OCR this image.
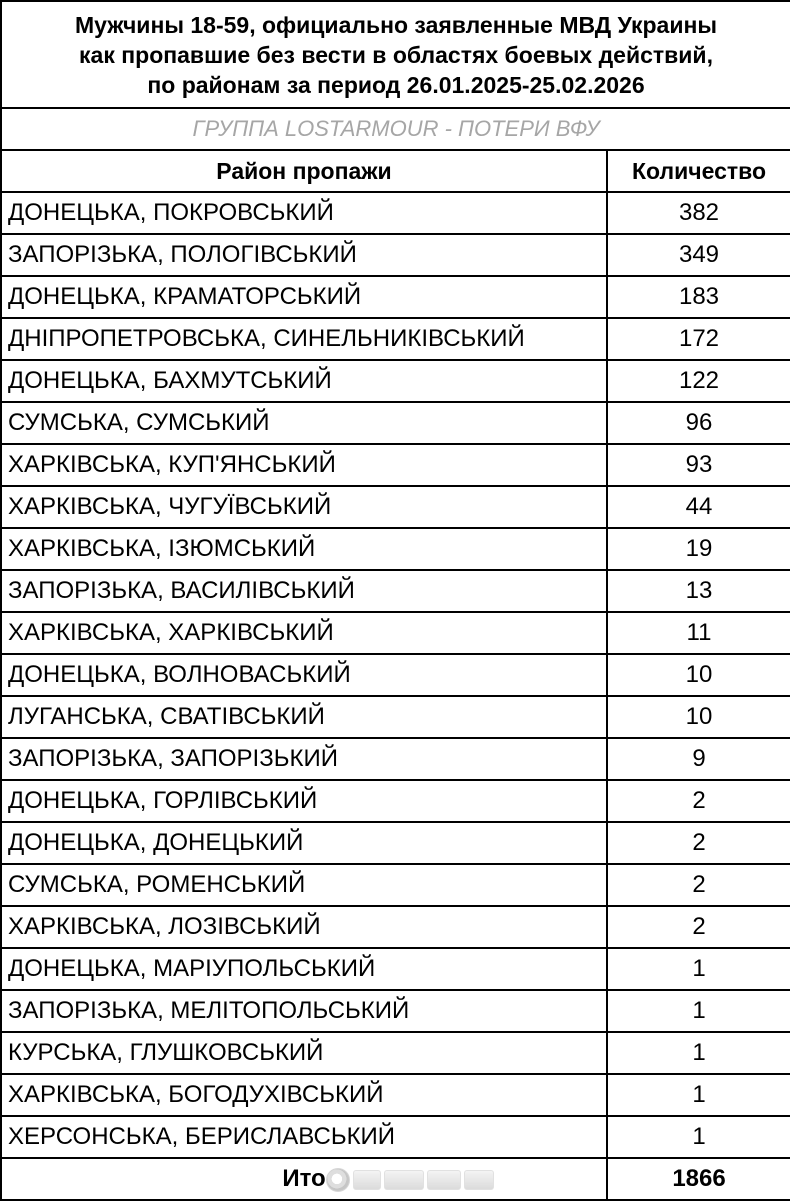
Мужчины 18-59, официально заявленные МВД Украины
как пропавшие без вести в областях боевых действий,
по районам за период 26.01.2025-25.02.2026	

ГРУППА LOSTARMOUR - ПОТЕРИ ВФУ	
Район пропажи	Количество
ДОНЕЦЬКА, ПОКРОВСЬКИЙ	382
ЗАПОРІЗЬКА, ПОЛОГІВСЬКИЙ	349
ДОНЕЦЬКА, КРАМАТОРСЬКИЙ	183
ДНІПРОПЕТРОВСЬКА, СИНЕЛЬНИКІВСЬКИЙ	172
ДОНЕЦЬКА, БАХМУТСЬКИЙ	122
СУМСЬКА, СУМСЬКИЙ	96
ХАРКІВСЬКА, КУП'ЯНСЬКИЙ	93
ХАРКІВСЬКА, ЧУГУЇВСЬКИЙ	44
ХАРКІВСЬКА, ІЗЮМСЬКИЙ	19
ЗАПОРІЗЬКА, ВАСИЛІВСЬКИЙ	13
ХАРКІВСЬКА, ХАРКІВСЬКИЙ	11
ДОНЕЦЬКА, ВОЛНОВАСЬКИЙ	10
ЛУГАНСЬКА, СВАТІВСЬКИЙ	10
ЗАПОРІЗЬКА, ЗАПОРІЗЬКИЙ	9
ДОНЕЦЬКА, ГОРЛІВСЬКИЙ	2
ДОНЕЦЬКА, ДОНЕЦЬКИЙ	2
СУМСЬКА, РОМЕНСЬКИЙ	2
ХАРКІВСЬКА, ЛОЗІВСЬКИЙ	2
ДОНЕЦЬКА, МАРІУПОЛЬСЬКИЙ	1
ЗАПОРІЗЬКА, МЕЛІТОПОЛЬСЬКИЙ	1
КУРСЬКА, ГЛУШКОВСЬКИЙ	1
ХАРКІВСЬКА, БОГОДУХІВСЬКИЙ	1
ХЕРСОНСЬКА, БЕРИСЛАВСЬКИЙ	1
Ито	1866
